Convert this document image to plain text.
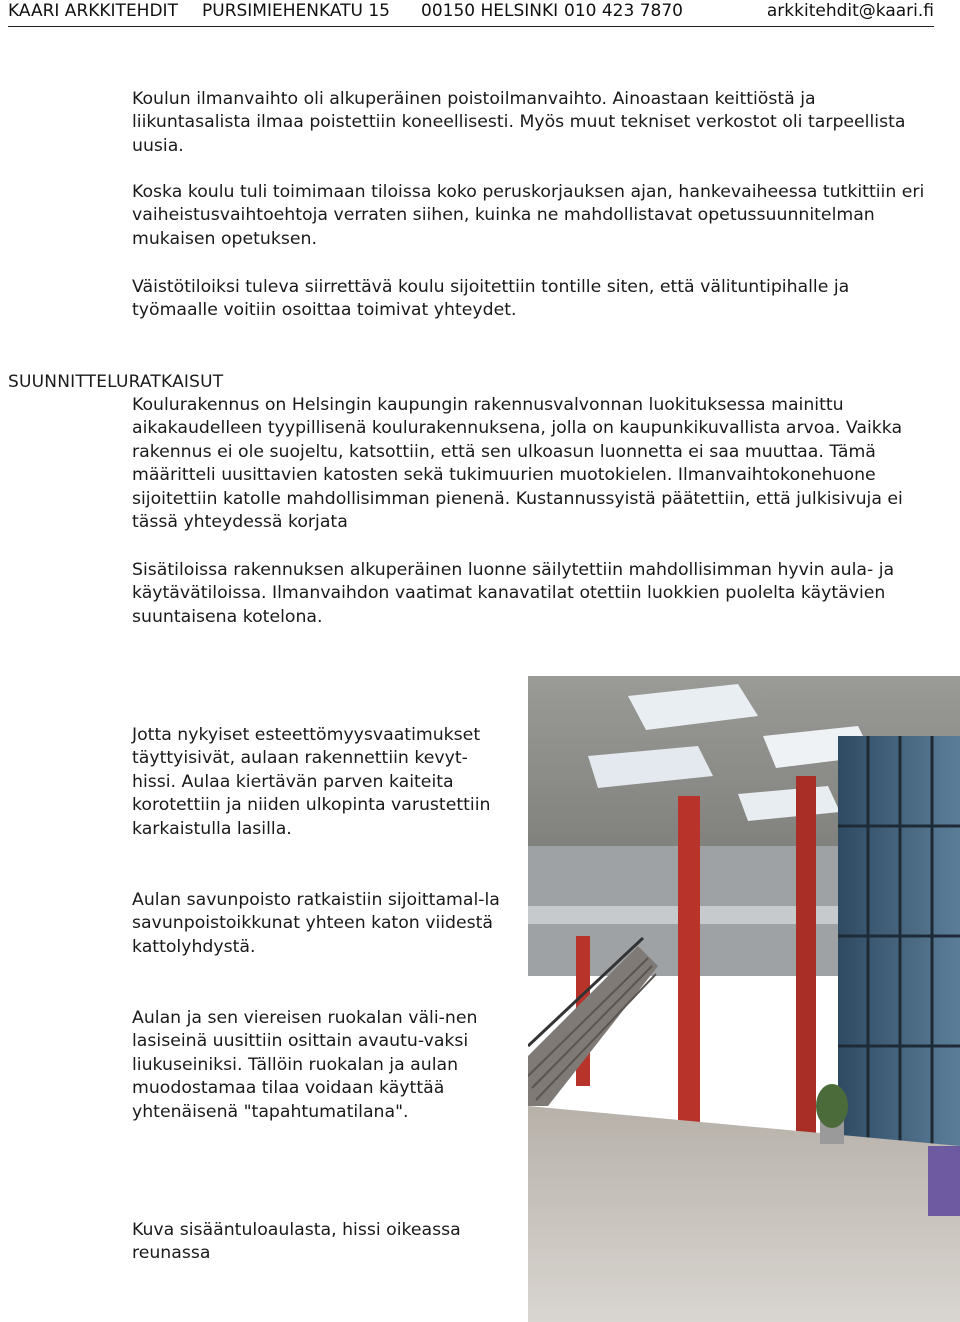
KAARI ARKKITEHDIT PURSIMIEHENKATU 15 00150 HELSINKI 010 423 7870	arkkitehdit@kaari.fi

Koulun ilmanvaihto oli alkuperäinen poistoilmanvaihto. Ainoastaan keittiöstä ja liikuntasalista ilmaa poistettiin koneellisesti. Myös muut tekniset verkostot oli tarpeellista uusia.

Koska koulu tuli toimimaan tiloissa koko peruskorjauksen ajan, hankevaiheessa tutkittiin eri vaiheistusvaihtoehtoja verraten siihen, kuinka ne mahdollistavat opetussuunnitelman mukaisen opetuksen.

Väistötiloiksi tuleva siirrettävä koulu sijoitettiin tontille siten, että välituntipihalle ja työmaalle voitiin osoittaa toimivat yhteydet.

SUUNNITTELURATKAISUT

Koulurakennus on Helsingin kaupungin rakennusvalvonnan luokituksessa mainittu aikakaudelleen tyypillisenä koulurakennuksena, jolla on kaupunkikuvallista arvoa. Vaikka rakennus ei ole suojeltu, katsottiin, että sen ulkoasun luonnetta ei saa muuttaa. Tämä määritteli uusittavien katosten sekä tukimuurien muotokielen. Ilmanvaihtokonehuone sijoitettiin katolle mahdollisimman pienenä. Kustannussyistä päätettiin, että julkisivuja ei tässä yhteydessä korjata

Sisätiloissa rakennuksen alkuperäinen luonne säilytettiin mahdollisimman hyvin aula- ja käytävätiloissa. Ilmanvaihdon vaatimat kanavatilat otettiin luokkien puolelta käytävien suuntaisena kotelona.

Jotta nykyiset esteettömyysvaatimukset täyttyisivät, aulaan rakennettiin kevyt-hissi. Aulaa kiertävän parven kaiteita korotettiin ja niiden ulkopinta varustettiin karkaistulla lasilla.

Aulan savunpoisto ratkaistiin sijoittamal-la savunpoistoikkunat yhteen katon viidestä kattolyhdystä.

Aulan ja sen viereisen ruokalan väli-nen lasiseinä uusittiin osittain avautu-vaksi liukuseiniksi. Tällöin ruokalan ja aulan muodostamaa tilaa voidaan käyttää yhtenäisenä "tapahtumatilana".

Kuva sisääntuloaulasta, hissi oikeassa reunassa
